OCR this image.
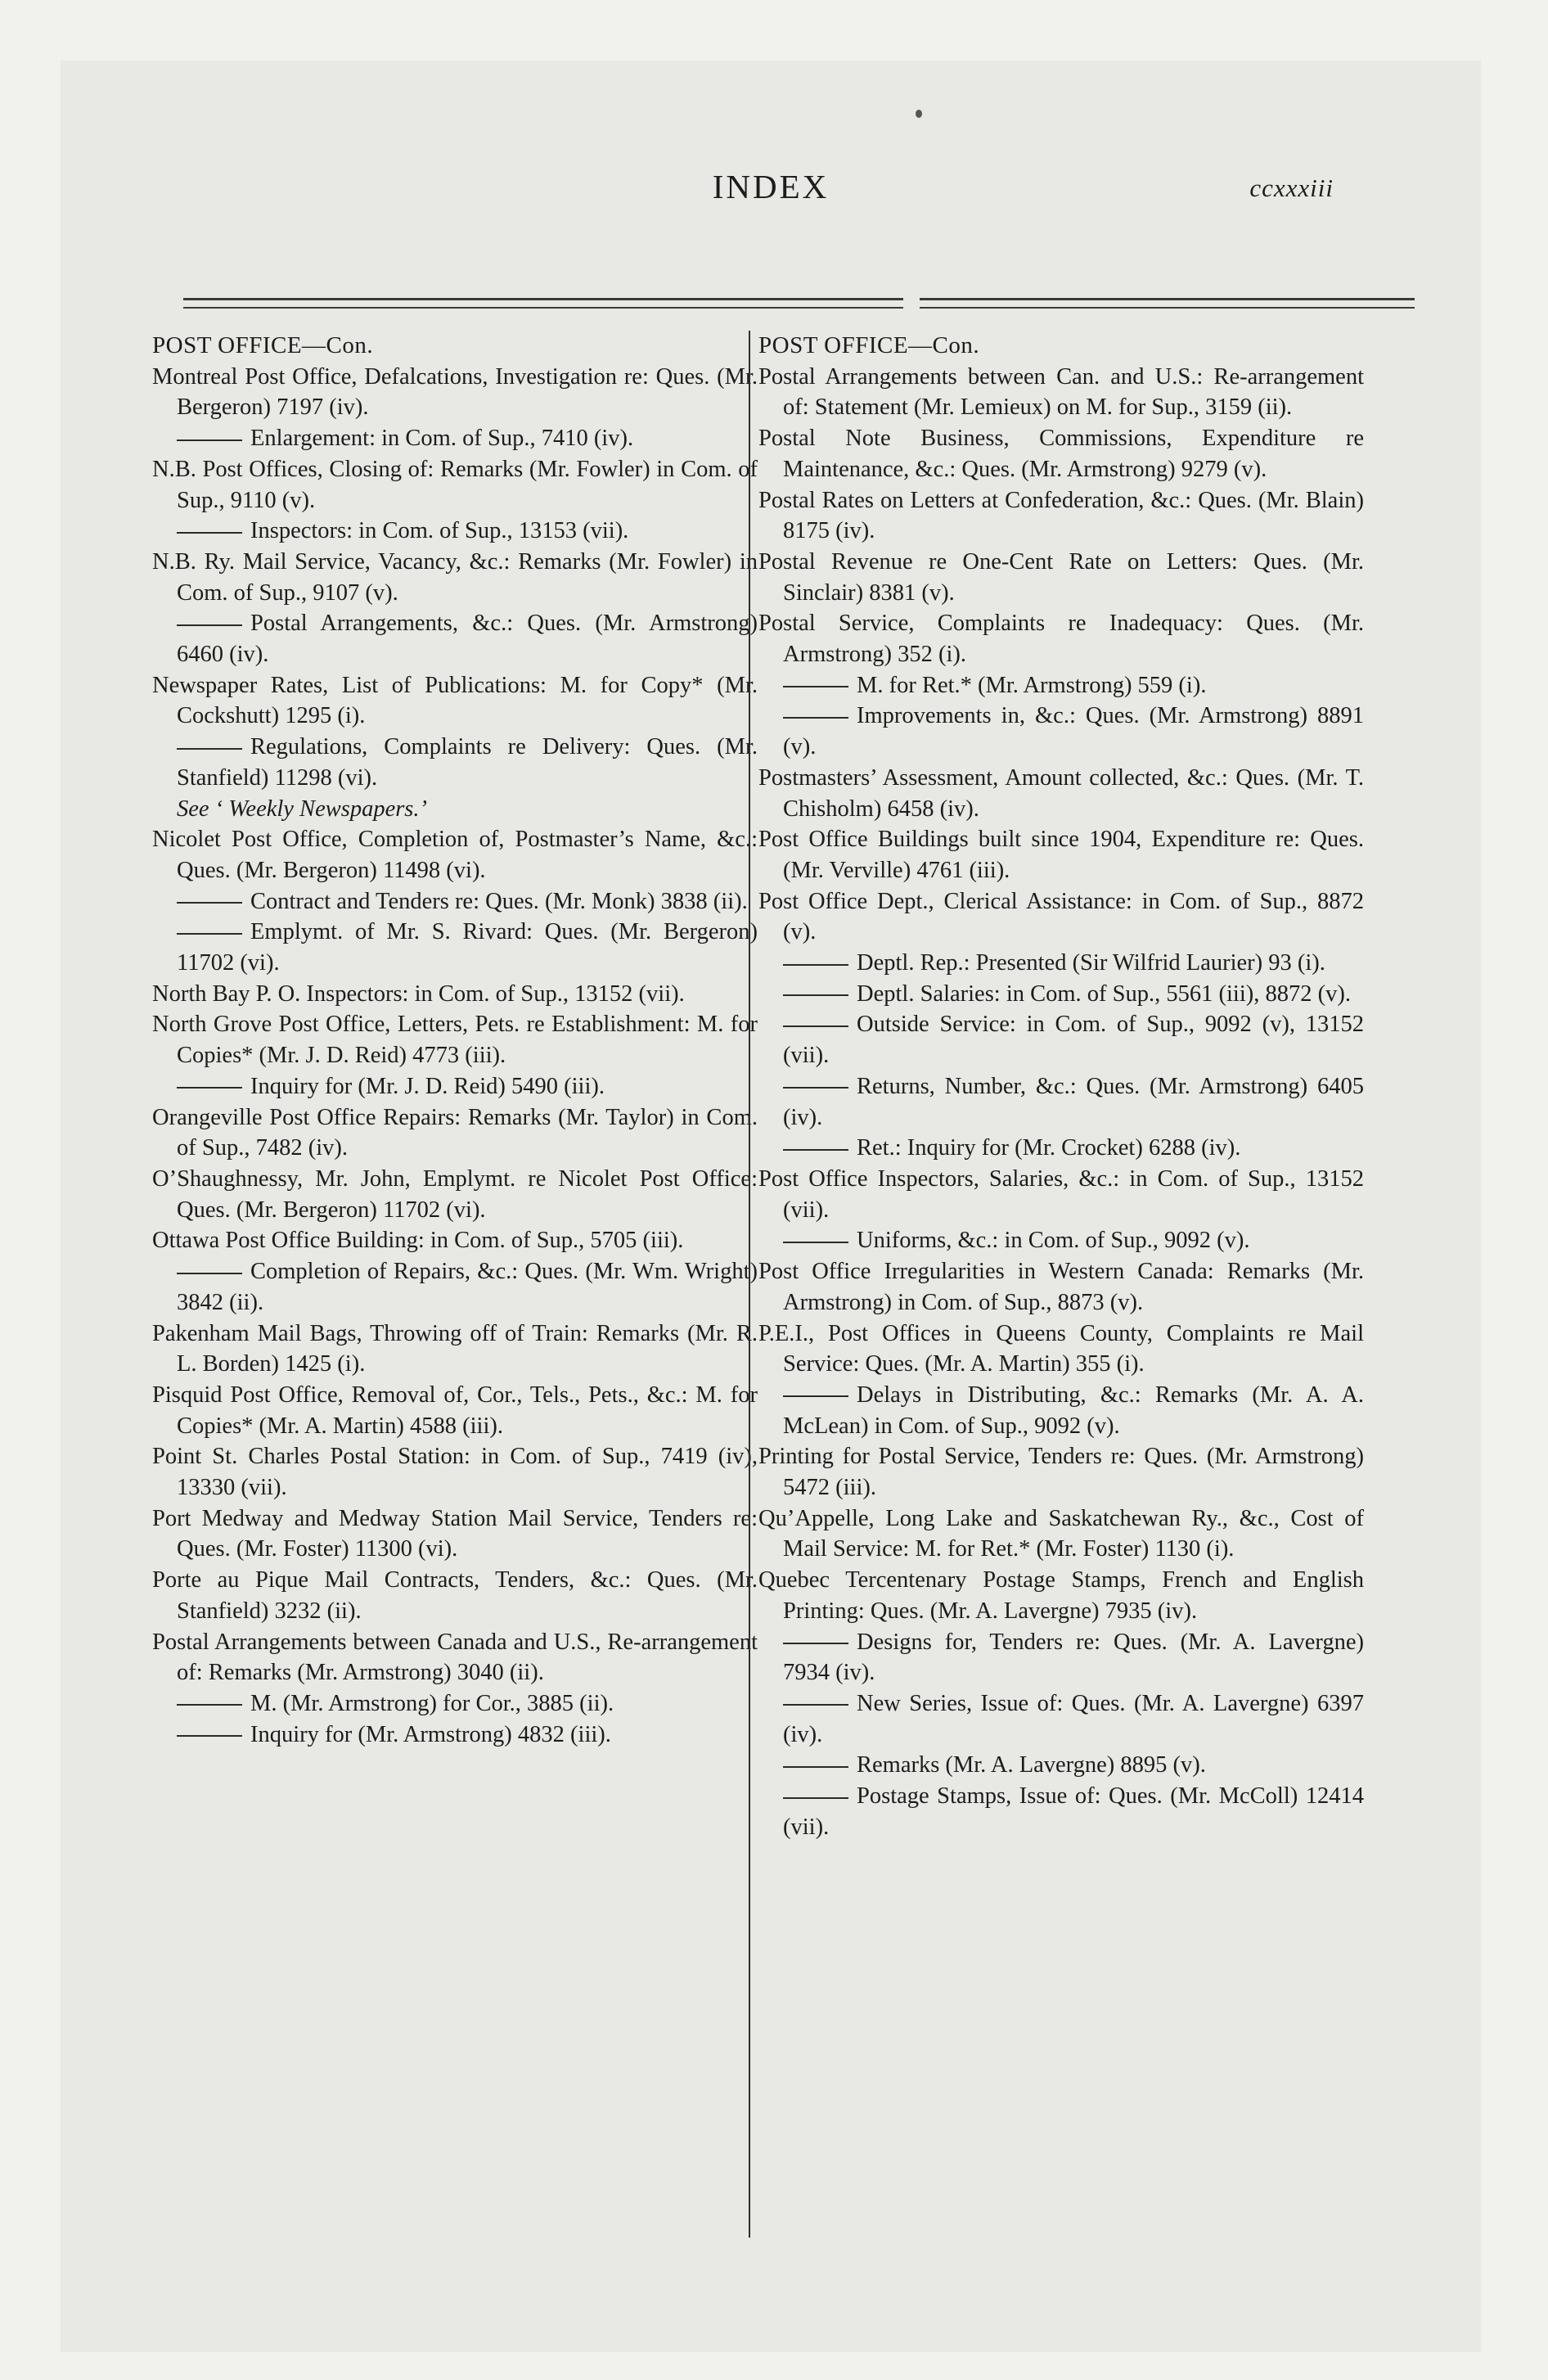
INDEX	ccxxxiii

POST OFFICE—Con.

Montreal Post Office, Defalcations, Investigation re: Ques. (Mr. Bergeron) 7197 (iv).

Enlargement: in Com. of Sup., 7410 (iv).

N.B. Post Offices, Closing of: Remarks (Mr. Fowler) in Com. of Sup., 9110 (v).

Inspectors: in Com. of Sup., 13153 (vii).

N.B. Ry. Mail Service, Vacancy, &c.: Remarks (Mr. Fowler) in Com. of Sup., 9107 (v).

Postal Arrangements, &c.: Ques. (Mr. Armstrong) 6460 (iv).

Newspaper Rates, List of Publications: M. for Copy* (Mr. Cockshutt) 1295 (i).

Regulations, Complaints re Delivery: Ques. (Mr. Stanfield) 11298 (vi).

See ‘ Weekly Newspapers.’

Nicolet Post Office, Completion of, Postmaster’s Name, &c.: Ques. (Mr. Bergeron) 11498 (vi).

Contract and Tenders re: Ques. (Mr. Monk) 3838 (ii).

Emplymt. of Mr. S. Rivard: Ques. (Mr. Bergeron) 11702 (vi).

North Bay P. O. Inspectors: in Com. of Sup., 13152 (vii).

North Grove Post Office, Letters, Pets. re Establishment: M. for Copies* (Mr. J. D. Reid) 4773 (iii).

Inquiry for (Mr. J. D. Reid) 5490 (iii).

Orangeville Post Office Repairs: Remarks (Mr. Taylor) in Com. of Sup., 7482 (iv).

O’Shaughnessy, Mr. John, Emplymt. re Nicolet Post Office: Ques. (Mr. Bergeron) 11702 (vi).

Ottawa Post Office Building: in Com. of Sup., 5705 (iii).

Completion of Repairs, &c.: Ques. (Mr. Wm. Wright) 3842 (ii).

Pakenham Mail Bags, Throwing off of Train: Remarks (Mr. R. L. Borden) 1425 (i).

Pisquid Post Office, Removal of, Cor., Tels., Pets., &c.: M. for Copies* (Mr. A. Martin) 4588 (iii).

Point St. Charles Postal Station: in Com. of Sup., 7419 (iv), 13330 (vii).

Port Medway and Medway Station Mail Service, Tenders re: Ques. (Mr. Foster) 11300 (vi).

Porte au Pique Mail Contracts, Tenders, &c.: Ques. (Mr. Stanfield) 3232 (ii).

Postal Arrangements between Canada and U.S., Re-arrangement of: Remarks (Mr. Armstrong) 3040 (ii).

M. (Mr. Armstrong) for Cor., 3885 (ii).

Inquiry for (Mr. Armstrong) 4832 (iii).

POST OFFICE—Con.

Postal Arrangements between Can. and U.S.: Re-arrangement of: Statement (Mr. Lemieux) on M. for Sup., 3159 (ii).

Postal Note Business, Commissions, Expenditure re Maintenance, &c.: Ques. (Mr. Armstrong) 9279 (v).

Postal Rates on Letters at Confederation, &c.: Ques. (Mr. Blain) 8175 (iv).

Postal Revenue re One-Cent Rate on Letters: Ques. (Mr. Sinclair) 8381 (v).

Postal Service, Complaints re Inadequacy: Ques. (Mr. Armstrong) 352 (i).

M. for Ret.* (Mr. Armstrong) 559 (i).

Improvements in, &c.: Ques. (Mr. Armstrong) 8891 (v).

Postmasters’ Assessment, Amount collected, &c.: Ques. (Mr. T. Chisholm) 6458 (iv).

Post Office Buildings built since 1904, Expenditure re: Ques. (Mr. Verville) 4761 (iii).

Post Office Dept., Clerical Assistance: in Com. of Sup., 8872 (v).

Deptl. Rep.: Presented (Sir Wilfrid Laurier) 93 (i).

Deptl. Salaries: in Com. of Sup., 5561 (iii), 8872 (v).

Outside Service: in Com. of Sup., 9092 (v), 13152 (vii).

Returns, Number, &c.: Ques. (Mr. Armstrong) 6405 (iv).

Ret.: Inquiry for (Mr. Crocket) 6288 (iv).

Post Office Inspectors, Salaries, &c.: in Com. of Sup., 13152 (vii).

Uniforms, &c.: in Com. of Sup., 9092 (v).

Post Office Irregularities in Western Canada: Remarks (Mr. Armstrong) in Com. of Sup., 8873 (v).

P.E.I., Post Offices in Queens County, Complaints re Mail Service: Ques. (Mr. A. Martin) 355 (i).

Delays in Distributing, &c.: Remarks (Mr. A. A. McLean) in Com. of Sup., 9092 (v).

Printing for Postal Service, Tenders re: Ques. (Mr. Armstrong) 5472 (iii).

Qu’Appelle, Long Lake and Saskatchewan Ry., &c., Cost of Mail Service: M. for Ret.* (Mr. Foster) 1130 (i).

Quebec Tercentenary Postage Stamps, French and English Printing: Ques. (Mr. A. Lavergne) 7935 (iv).

Designs for, Tenders re: Ques. (Mr. A. Lavergne) 7934 (iv).

New Series, Issue of: Ques. (Mr. A. Lavergne) 6397 (iv).

Remarks (Mr. A. Lavergne) 8895 (v).

Postage Stamps, Issue of: Ques. (Mr. McColl) 12414 (vii).
